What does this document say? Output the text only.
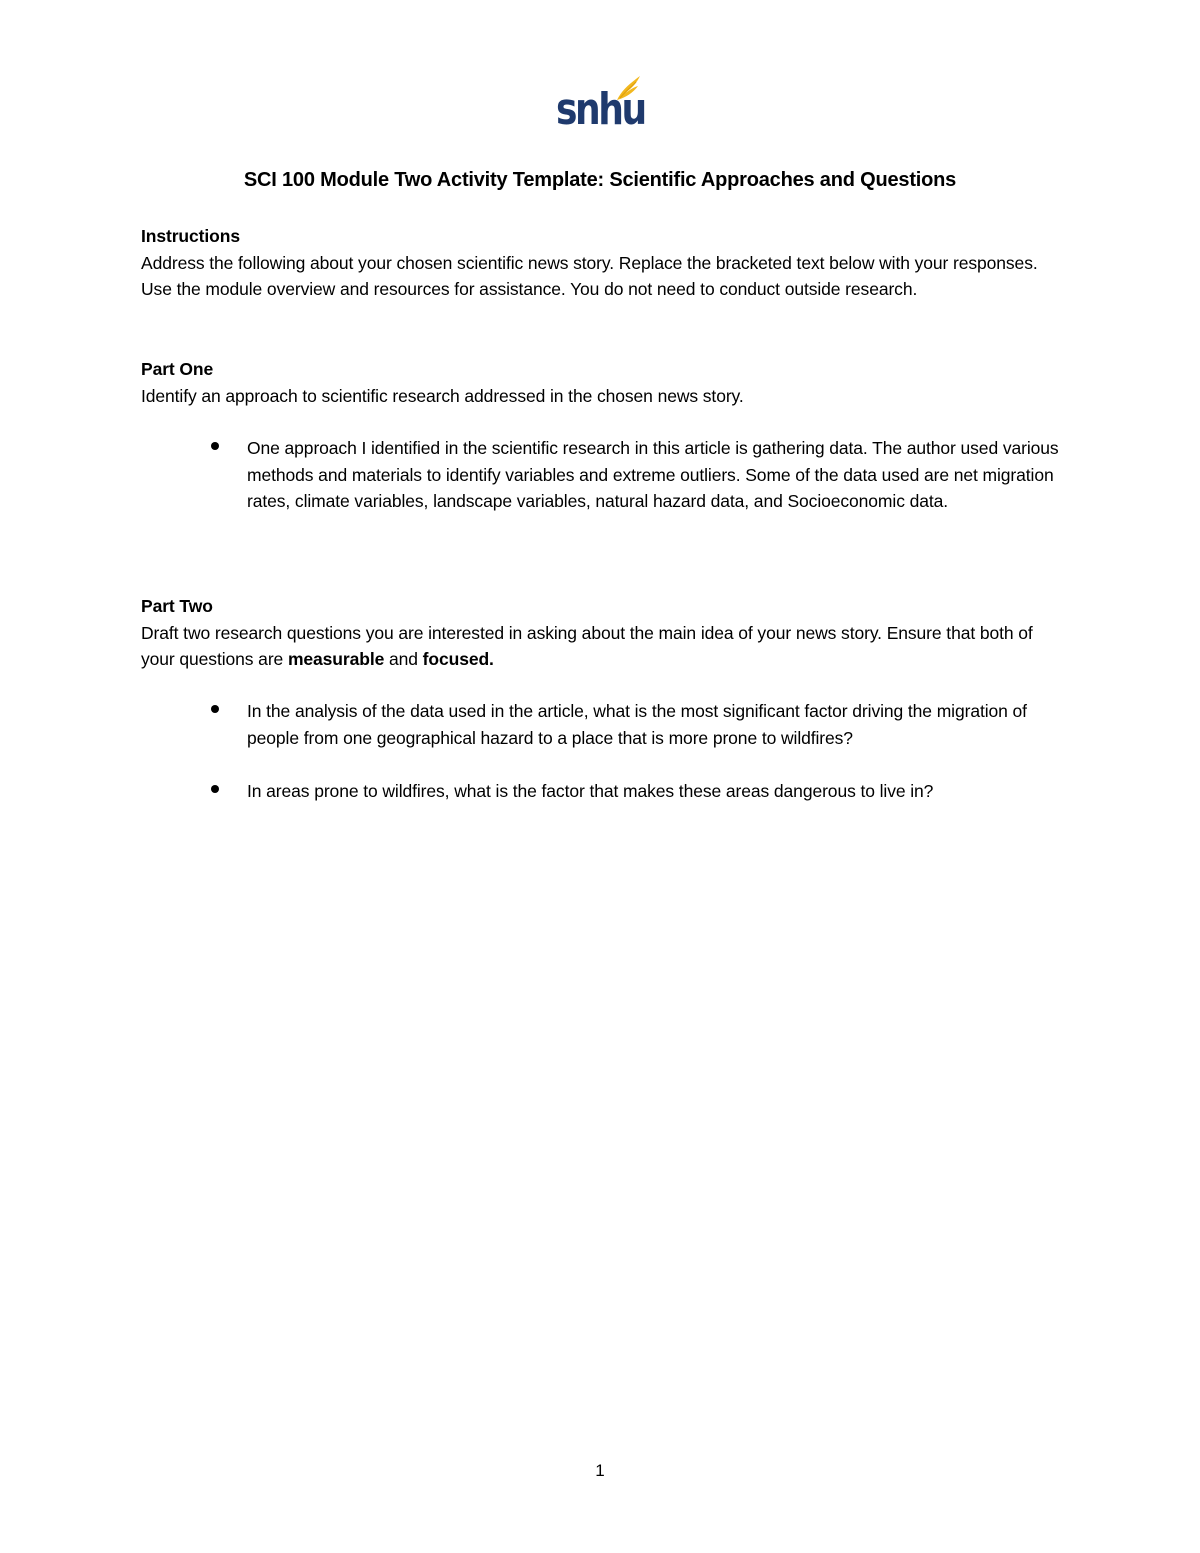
snhu
SCI 100 Module Two Activity Template: Scientific Approaches and Questions

Instructions

Address the following about your chosen scientific news story. Replace the bracketed text below with your responses. Use the module overview and resources for assistance. You do not need to conduct outside research.

Part One

Identify an approach to scientific research addressed in the chosen news story.

One approach I identified in the scientific research in this article is gathering data. The author used various methods and materials to identify variables and extreme outliers. Some of the data used are net migration rates, climate variables, landscape variables, natural hazard data, and Socioeconomic data.

Part Two

Draft two research questions you are interested in asking about the main idea of your news story. Ensure that both of your questions are measurable and focused.

In the analysis of the data used in the article, what is the most significant factor driving the migration of people from one geographical hazard to a place that is more prone to wildfires?
In areas prone to wildfires, what is the factor that makes these areas dangerous to live in?
1
